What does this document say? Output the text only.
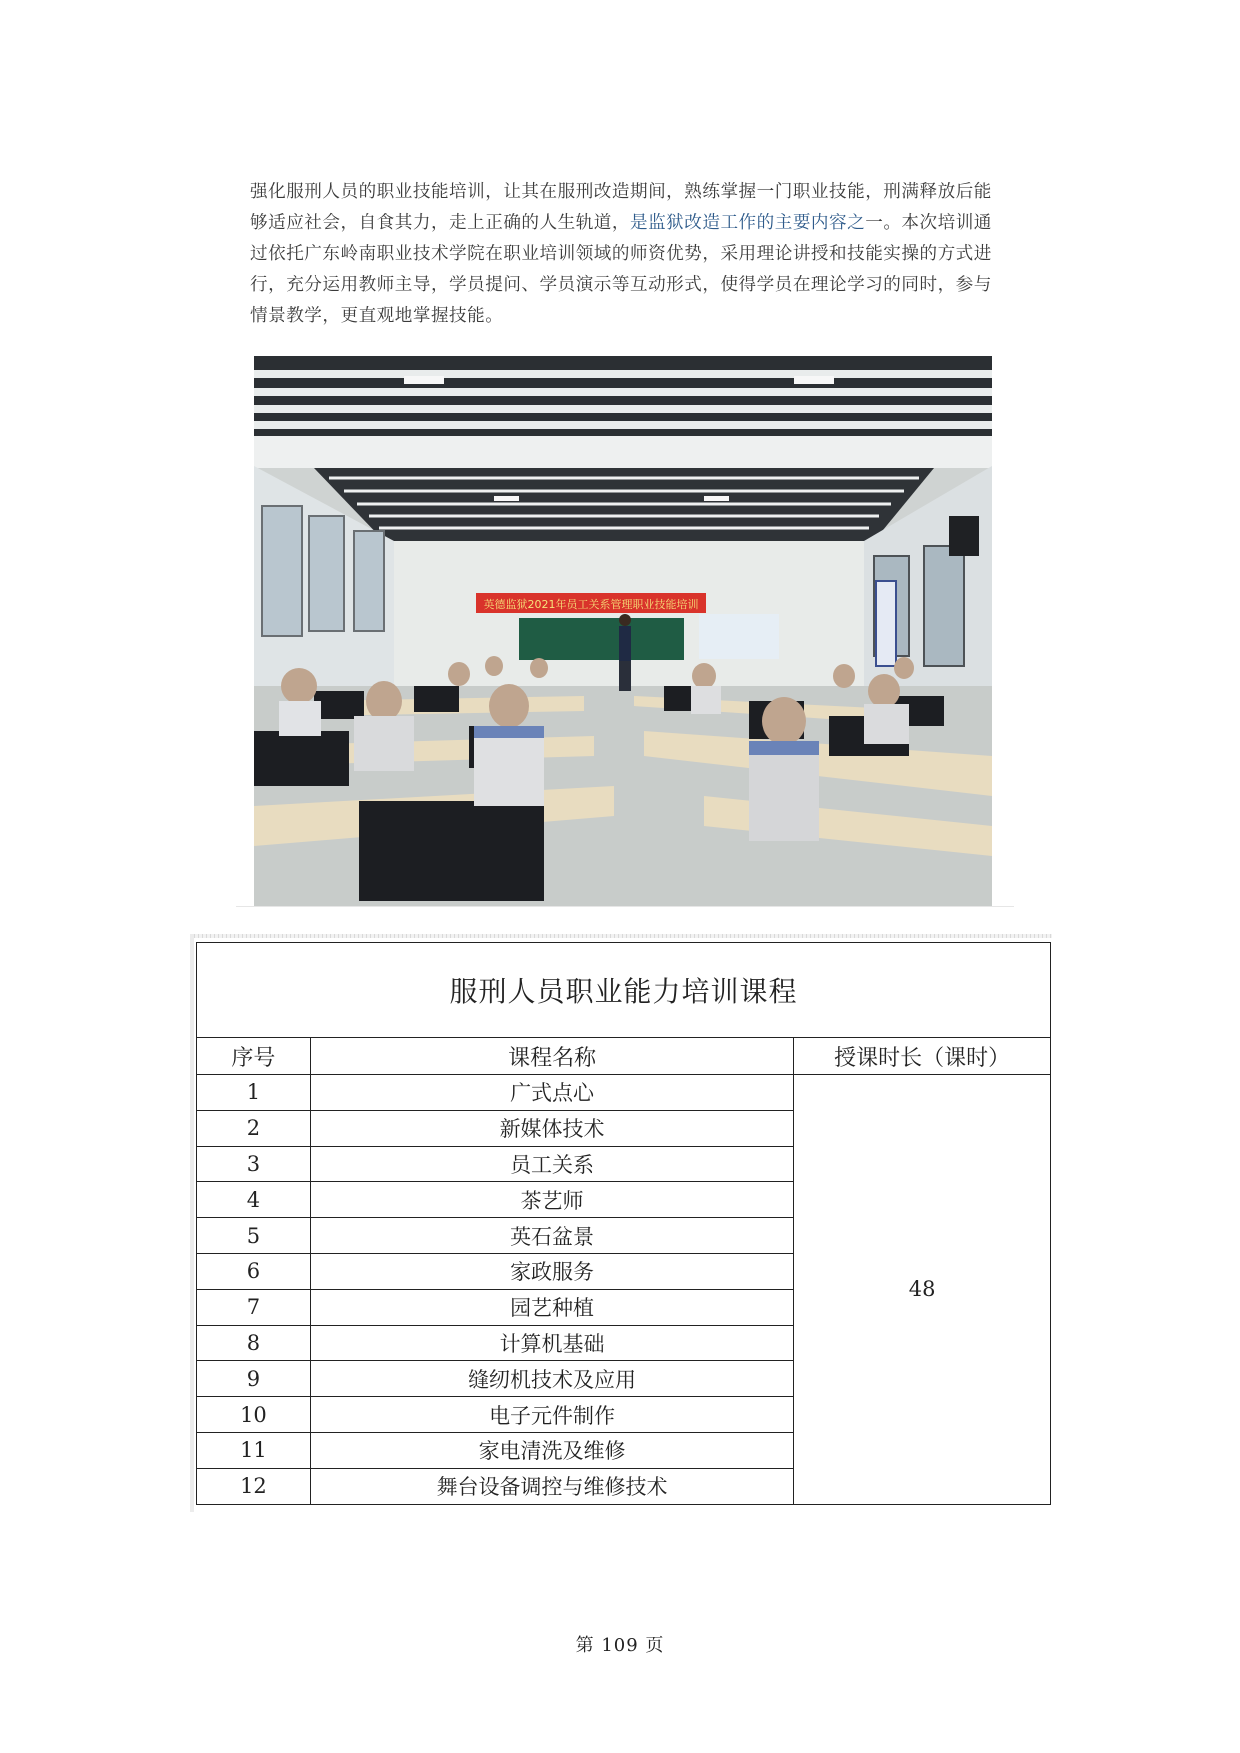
强化服刑人员的职业技能培训，让其在服刑改造期间，熟练掌握一门职业技能，刑满释放后能够适应社会，自食其力，走上正确的人生轨道，是监狱改造工作的主要内容之一。本次培训通过依托广东岭南职业技术学院在职业培训领域的师资优势，采用理论讲授和技能实操的方式进行，充分运用教师主导，学员提问、学员演示等互动形式，使得学员在理论学习的同时，参与情景教学，更直观地掌握技能。
英德监狱2021年员工关系管理职业技能培训
服刑人员职业能力培训课程		
序号	课程名称	授课时长（课时）
1	广式点心	48
2	新媒体技术	
3	员工关系	
4	茶艺师	
5	英石盆景	
6	家政服务	
7	园艺种植	
8	计算机基础	
9	缝纫机技术及应用	
10	电子元件制作	
11	家电清洗及维修	
12	舞台设备调控与维修技术	
第 109 页
